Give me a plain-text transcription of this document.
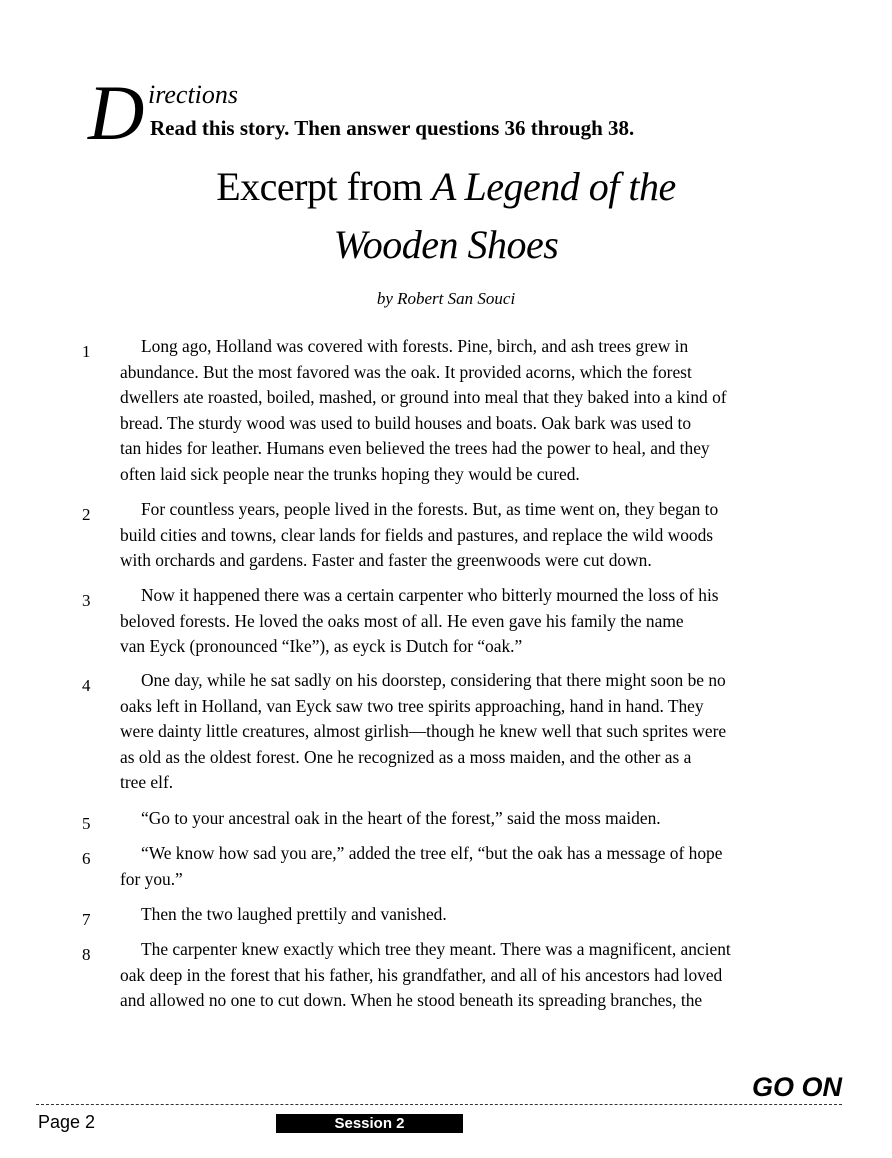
D irections
Read this story. Then answer questions 36 through 38.
Excerpt from A Legend of the
Wooden Shoes
by Robert San Souci
1	Long ago, Holland was covered with forests. Pine, birch, and ash trees grew in
abundance. But the most favored was the oak. It provided acorns, which the forest
dwellers ate roasted, boiled, mashed, or ground into meal that they baked into a kind of
bread. The sturdy wood was used to build houses and boats. Oak bark was used to
tan hides for leather. Humans even believed the trees had the power to heal, and they
often laid sick people near the trunks hoping they would be cured.
2	For countless years, people lived in the forests. But, as time went on, they began to
build cities and towns, clear lands for fields and pastures, and replace the wild woods
with orchards and gardens. Faster and faster the greenwoods were cut down.
3	Now it happened there was a certain carpenter who bitterly mourned the loss of his
beloved forests. He loved the oaks most of all. He even gave his family the name
van Eyck (pronounced “Ike”), as eyck is Dutch for “oak.”
4	One day, while he sat sadly on his doorstep, considering that there might soon be no
oaks left in Holland, van Eyck saw two tree spirits approaching, hand in hand. They
were dainty little creatures, almost girlish—though he knew well that such sprites were
as old as the oldest forest. One he recognized as a moss maiden, and the other as a
tree elf.
5	“Go to your ancestral oak in the heart of the forest,” said the moss maiden.
6	“We know how sad you are,” added the tree elf, “but the oak has a message of hope
for you.”
7	Then the two laughed prettily and vanished.
8	The carpenter knew exactly which tree they meant. There was a magnificent, ancient
oak deep in the forest that his father, his grandfather, and all of his ancestors had loved
and allowed no one to cut down. When he stood beneath its spreading branches, the
GO ON
Page 2	Session 2
